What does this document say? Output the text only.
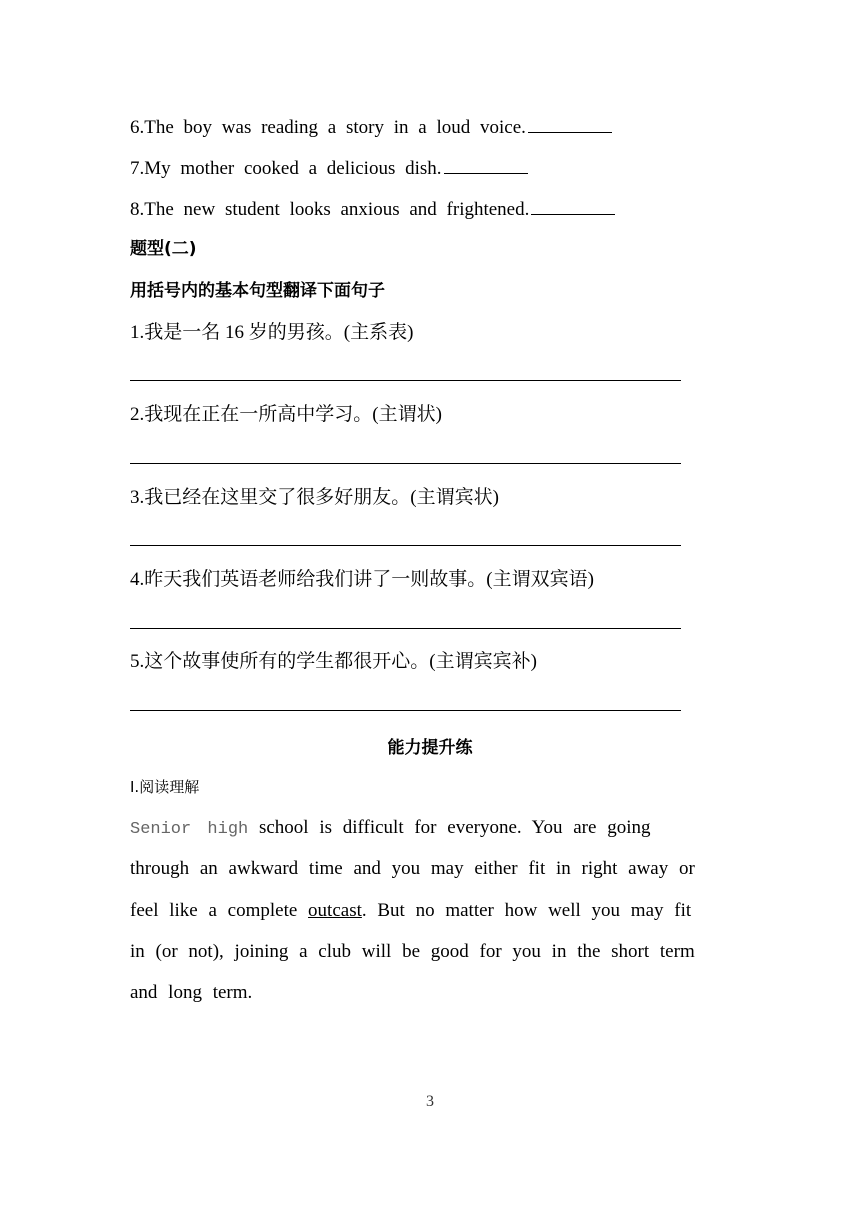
6.The boy was reading a story in a loud voice.
7.My mother cooked a delicious dish.
8.The new student looks anxious and frightened.
题型(二)
用括号内的基本句型翻译下面句子
1.我是一名 16 岁的男孩。(主系表)
2.我现在正在一所高中学习。(主谓状)
3.我已经在这里交了很多好朋友。(主谓宾状)
4.昨天我们英语老师给我们讲了一则故事。(主谓双宾语)
5.这个故事使所有的学生都很开心。(主谓宾宾补)
能力提升练
Ⅰ.阅读理解
Senior high school is difficult for everyone. You are going
through an awkward time and you may either fit in right away or
feel like a complete outcast. But no matter how well you may fit
in (or not), joining a club will be good for you in the short term
and long term.
3
